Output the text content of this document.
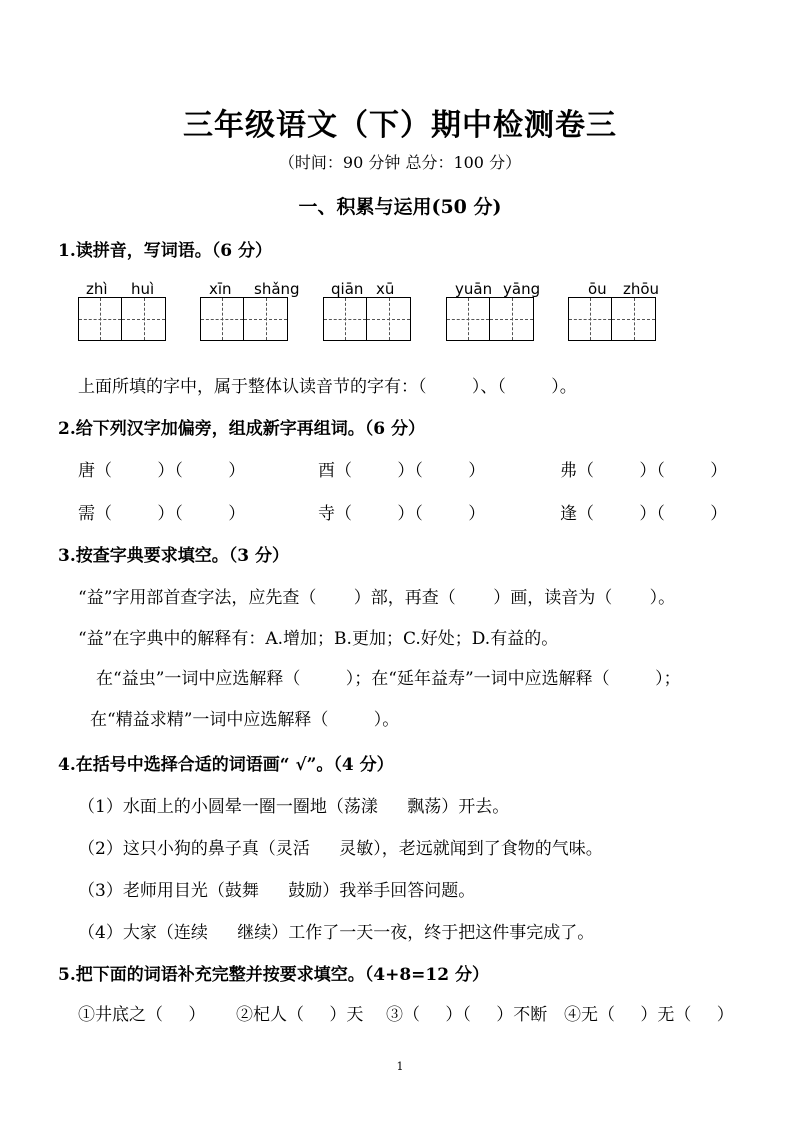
三年级语文（下）期中检测卷三
（时间：90 分钟 总分：100 分）
一、积累与运用(50 分)
1.读拼音，写词语。（6 分）
zhì huì	xīn shǎng qiān xū	yuān yāng	ōu zhōu
上面所填的字中，属于整体认读音节的字有：（ ）、（ ）。
2.给下列汉字加偏旁，组成新字再组词。（6 分）
唐（ ）（ ）	酉（ ）（ ）	弗（ ）（ ）
需（ ）（ ）	寺（ ）（ ）	逢（ ）（ ）
3.按查字典要求填空。（3 分）
“益”字用部首查字法，应先查（ ）部，再查（ ）画，读音为（ ）。
“益”在字典中的解释有：A.增加；B.更加；C.好处；D.有益的。
在“益虫”一词中应选解释（ ）；在“延年益寿”一词中应选解释（ ）；
在“精益求精”一词中应选解释（ ）。
4.在括号中选择合适的词语画“ √”。（4 分）
（1）水面上的小圆晕一圈一圈地（荡漾 飘荡）开去。
（2）这只小狗的鼻子真（灵活 灵敏），老远就闻到了食物的气味。
（3）老师用目光（鼓舞 鼓励）我举手回答问题。
（4）大家（连续 继续）工作了一天一夜，终于把这件事完成了。
5.把下面的词语补充完整并按要求填空。（4+8=12 分）
①井底之（ ） ②杞人（ ）天 ③（ ）（ ）不断 ④无（ ）无（ ）
1
